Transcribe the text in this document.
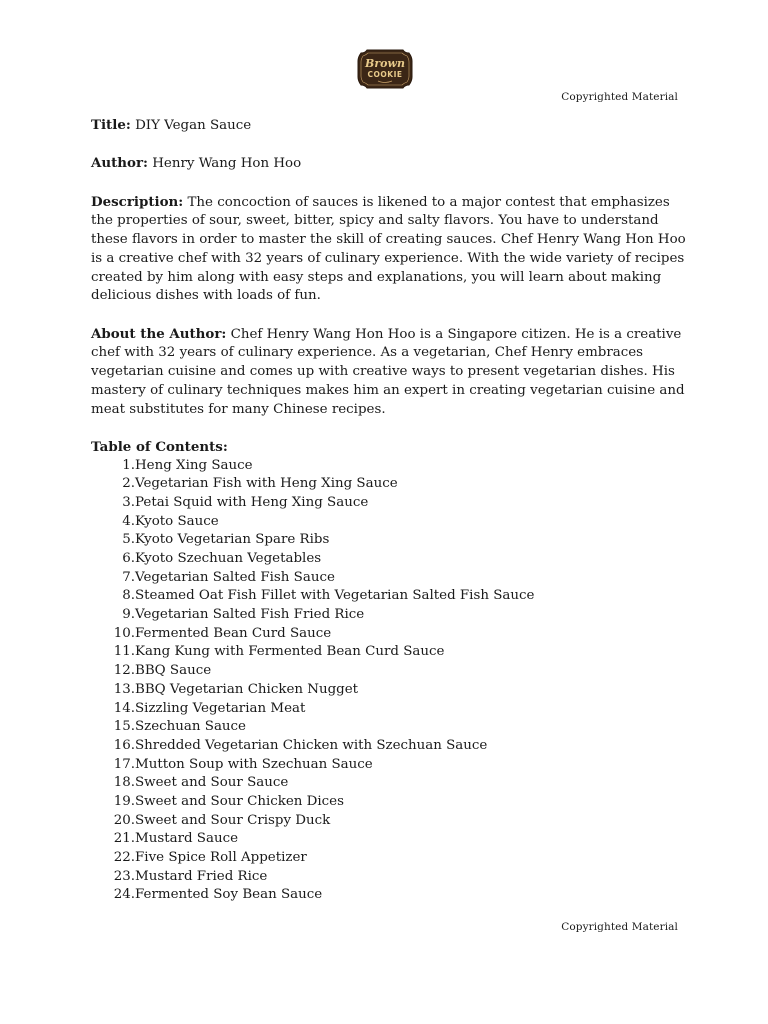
Brown
COOKIE
Copyrighted Material

Title: DIY Vegan Sauce

Author: Henry Wang Hon Hoo

Description: The concoction of sauces is likened to a major contest that emphasizes the properties of sour, sweet, bitter, spicy and salty flavors. You have to understand these flavors in order to master the skill of creating sauces. Chef Henry Wang Hon Hoo is a creative chef with 32 years of culinary experience. With the wide variety of recipes created by him along with easy steps and explanations, you will learn about making delicious dishes with loads of fun.

About the Author: Chef Henry Wang Hon Hoo is a Singapore citizen. He is a creative chef with 32 years of culinary experience. As a vegetarian, Chef Henry embraces vegetarian cuisine and comes up with creative ways to present vegetarian dishes. His mastery of culinary techniques makes him an expert in creating vegetarian cuisine and meat substitutes for many Chinese recipes.

Table of Contents:
1. Heng Xing Sauce
2. Vegetarian Fish with Heng Xing Sauce
3. Petai Squid with Heng Xing Sauce
4. Kyoto Sauce
5. Kyoto Vegetarian Spare Ribs
6. Kyoto Szechuan Vegetables
7. Vegetarian Salted Fish Sauce
8. Steamed Oat Fish Fillet with Vegetarian Salted Fish Sauce
9. Vegetarian Salted Fish Fried Rice
10. Fermented Bean Curd Sauce
11. Kang Kung with Fermented Bean Curd Sauce
12. BBQ Sauce
13. BBQ Vegetarian Chicken Nugget
14. Sizzling Vegetarian Meat
15. Szechuan Sauce
16. Shredded Vegetarian Chicken with Szechuan Sauce
17. Mutton Soup with Szechuan Sauce
18. Sweet and Sour Sauce
19. Sweet and Sour Chicken Dices
20. Sweet and Sour Crispy Duck
21. Mustard Sauce
22. Five Spice Roll Appetizer
23. Mustard Fried Rice
24. Fermented Soy Bean Sauce
Copyrighted Material
